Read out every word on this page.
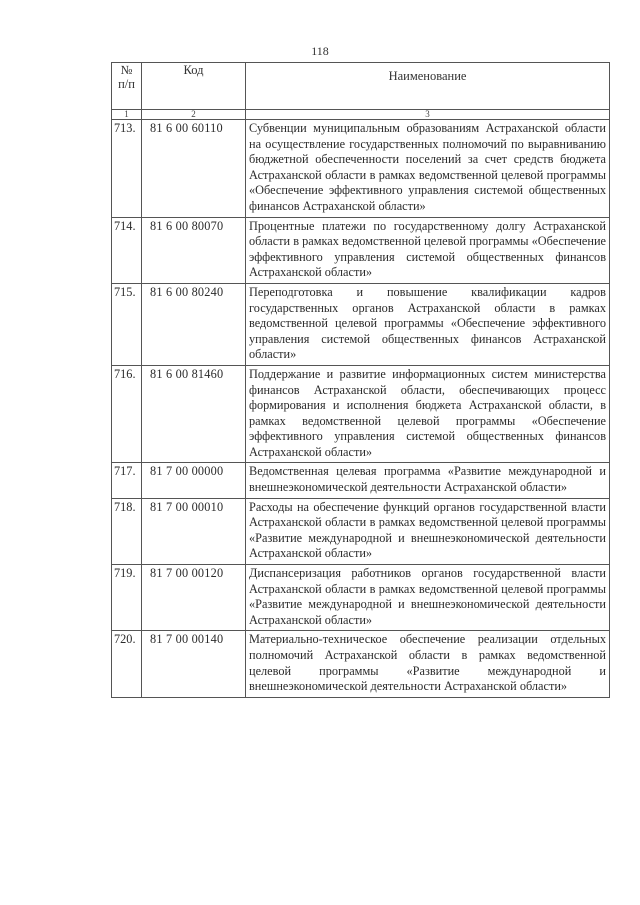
118
№
п/п	Код	Наименование
1	2	3
713.	81 6 00 60110	Субвенции муниципальным образованиям Астраханской области на осуществление государственных полномочий по выравниванию бюджетной обеспеченности поселений за счет средств бюджета Астраханской области в рамках ведомственной целевой программы «Обеспечение эффективного управления системой общественных финансов Астраханской области»
714.	81 6 00 80070	Процентные платежи по государственному долгу Астраханской области в рамках ведомственной целевой программы «Обеспечение эффективного управления системой общественных финансов Астраханской области»
715.	81 6 00 80240	Переподготовка и повышение квалификации кадров государственных органов Астраханской области в рамках ведомственной целевой программы «Обеспечение эффективного управления системой общественных финансов Астраханской области»
716.	81 6 00 81460	Поддержание и развитие информационных систем министерства финансов Астраханской области, обеспечивающих процесс формирования и исполнения бюджета Астраханской области, в рамках ведомственной целевой программы «Обеспечение эффективного управления системой общественных финансов Астраханской области»
717.	81 7 00 00000	Ведомственная целевая программа «Развитие международной и внешнеэкономической деятельности Астраханской области»
718.	81 7 00 00010	Расходы на обеспечение функций органов государственной власти Астраханской области в рамках ведомственной целевой программы «Развитие международной и внешнеэкономической деятельности Астраханской области»
719.	81 7 00 00120	Диспансеризация работников органов государственной власти Астраханской области в рамках ведомственной целевой программы «Развитие международной и внешнеэкономической деятельности Астраханской области»
720.	81 7 00 00140	Материально-техническое обеспечение реализации отдельных полномочий Астраханской области в рамках ведомственной целевой программы «Развитие международной и внешнеэкономической деятельности Астраханской области»
